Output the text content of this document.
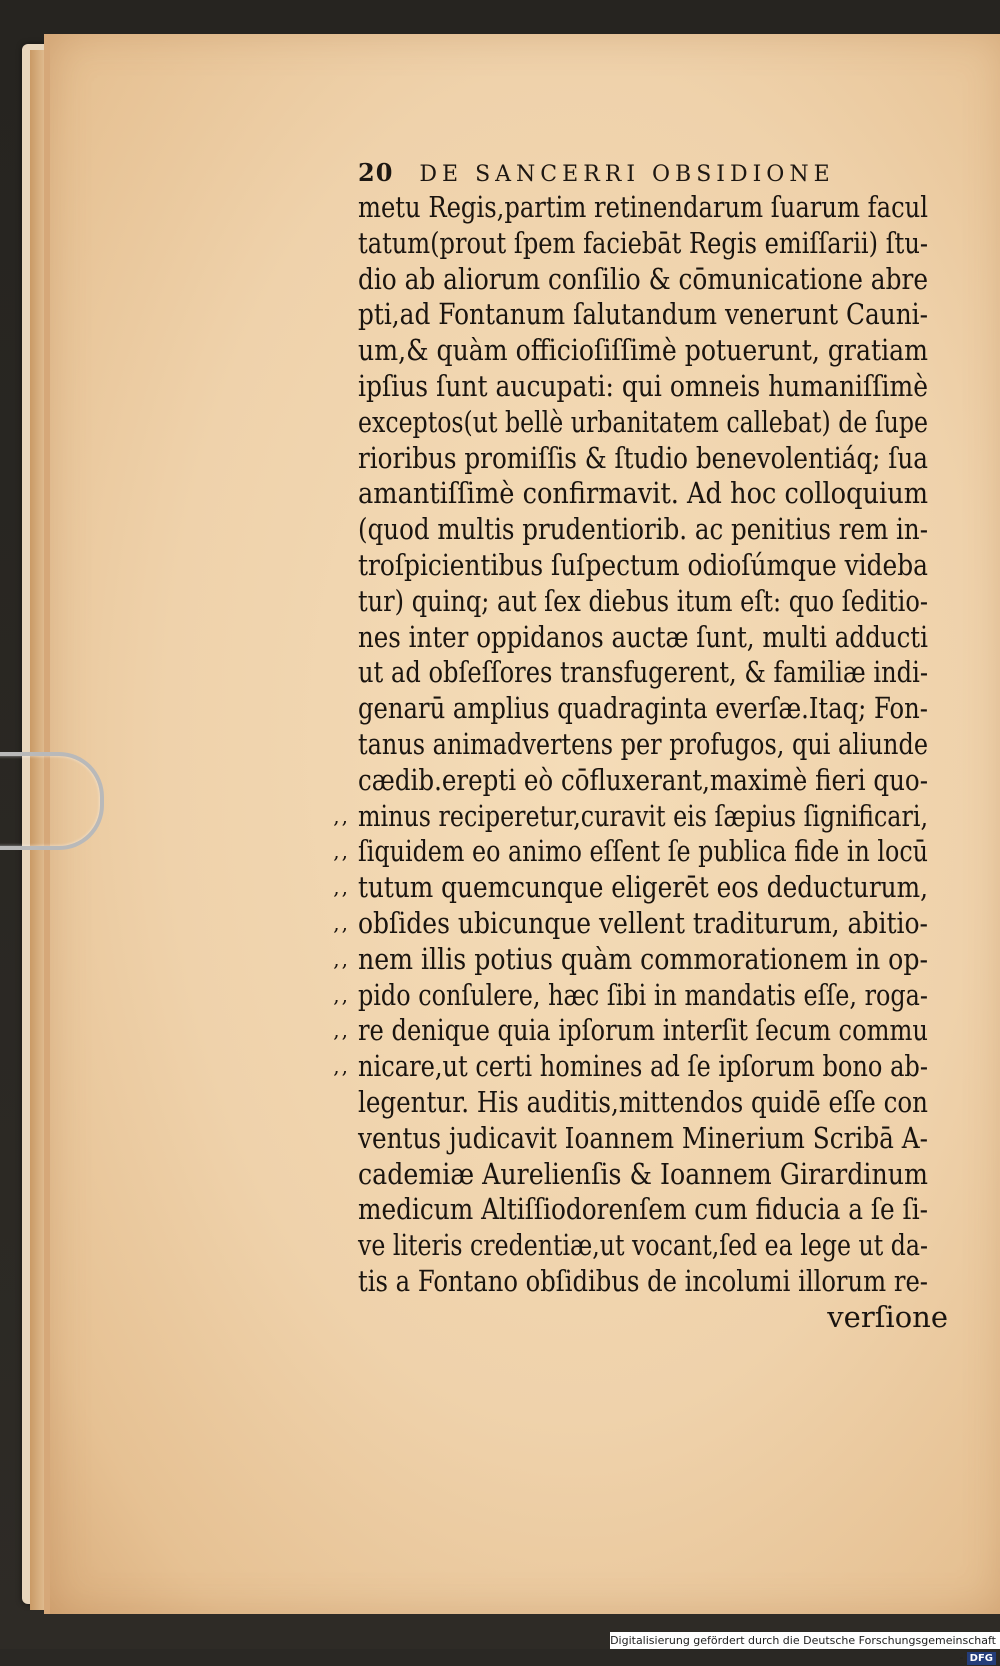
20 DE SANCERRI OBSIDIONE
metu Regis,partim retinendarum ſuarum facul
tatum(prout ſpem faciebāt Regis emiſſarii) ſtu-
dio ab aliorum conſilio & cōmunicatione abre
pti,ad Fontanum ſalutandum venerunt Cauni-
um,& quàm officioſiſſimè potuerunt, gratiam
ipſius ſunt aucupati: qui omneis humaniſſimè
exceptos(ut bellè urbanitatem callebat) de ſupe
rioribus promiſſis & ſtudio benevolentiáq; ſua
amantiſſimè confirmavit. Ad hoc colloquium
(quod multis prudentiorib. ac penitius rem in-
troſpicientibus ſuſpectum odioſúmque videba
tur) quinq; aut ſex diebus itum eſt: quo ſeditio-
nes inter oppidanos auctæ ſunt, multi adducti
ut ad obſeſſores transfugerent, & familiæ indi-
genarū amplius quadraginta everſæ.Itaq; Fon-
tanus animadvertens per profugos, qui aliunde
cædib.erepti eò cōfluxerant,maximè fieri quo-
,, minus reciperetur,curavit eis ſæpius ſignificari,
,, ſiquidem eo animo eſſent ſe publica fide in locū
,, tutum quemcunque eligerēt eos deducturum,
,, obſides ubicunque vellent traditurum, abitio-
,, nem illis potius quàm commorationem in op-
,, pido conſulere, hæc ſibi in mandatis eſſe, roga-
,, re denique quia ipſorum interſit ſecum commu
,, nicare,ut certi homines ad ſe ipſorum bono ab-
legentur. His auditis,mittendos quidē eſſe con
ventus judicavit Ioannem Minerium Scribā A-
cademiæ Aurelienſis & Ioannem Girardinum
medicum Altiſſiodorenſem cum fiducia a ſe ſi-
ve literis credentiæ,ut vocant,ſed ea lege ut da-
tis a Fontano obſidibus de incolumi illorum re-
verſione
Digitalisierung gefördert durch die Deutsche Forschungsgemeinschaft - DFG
